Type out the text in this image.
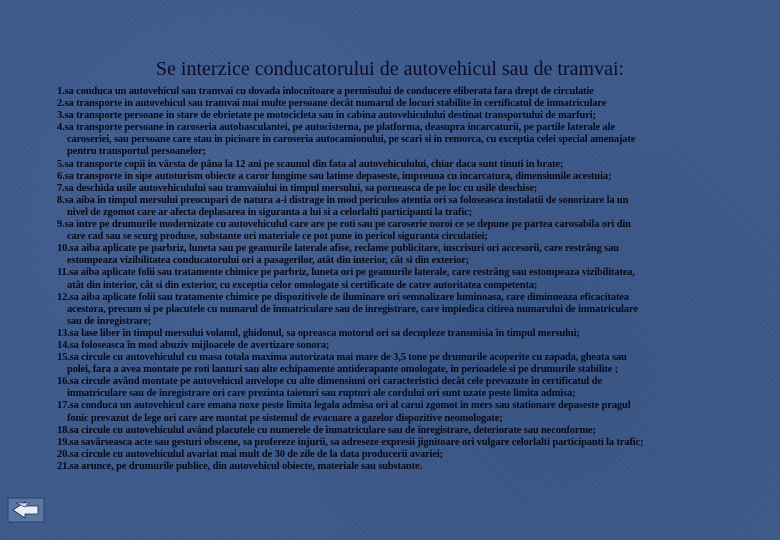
Se interzice conducatorului de autovehicul sau de tramvai:
1.sa conduca un autovehicul sau tramvai cu dovada inlocuitoare a permisului de conducere eliberata fara drept de circulatie
2.sa transporte in autovehicul sau tramvai mai multe persoane decât numarul de locuri stabilite în certificatul de înmatriculare
3.sa transporte persoane in stare de ebrietate pe motocicleta sau in cabina autovehiculului destinat transportului de marfuri;
4.sa transporte persoane in caroseria autobasculantei, pe autocisterna, pe platforma, deasupra incarcaturii, pe partile laterale ale
caroseriei, sau persoane care stau in picioare in caroseria autocamionului, pe scari si in remorca, cu exceptia celei special amenajate
pentru transportul persoanelor;
5.sa transporte copii in vârsta de pâna la 12 ani pe scaunul din fata al autovehiculului, chiar daca sunt tinuti in brate;
6.sa transporte in sipe autoturism obiecte a caror lungime sau latime depaseste, impreuna cu incarcatura, dimensiunile acestuia;
7.sa deschida usile autovehiculului sau tramvaiului in timpul mersului, sa porneasca de pe loc cu usile deschise;
8.sa aiba în timpul mersului preocupari de natura a-i distrage în mod periculos atentia ori sa foloseasca instalatii de sonorizare la un
nivel de zgomot care ar afecta deplasarea in siguranta a lui si a celorlalti participanti la trafic;
9.sa intre pe drumurile modernizate cu autovehiculul care are pe roti sau pe caroserie noroi ce se depune pe partea carosabila ori din
care cad sau se scurg produse, substante ori materiale ce pot pune in pericol siguranta circulatiei;
10.sa aiba aplicate pe parbriz, luneta sau pe geamurile laterale afise, reclame publicitare, inscrisuri ori accesorii, care restrâng sau
estompeaza vizibilitatea conducatorului ori a pasagerilor, atât din interior, cât si din exterior;
11.sa aiba aplicate folii sau tratamente chimice pe parbriz, luneta ori pe geamurile laterale, care restrâng sau estompeaza vizibilitatea,
atât din interior, cât si din exterior, cu exceptia celor omologate si certificate de catre autoritatea competenta;
12.sa aiba aplicate folii sau tratamente chimice pe dispozitivele de iluminare ori semnalizare luminoasa, care diminueaza eficacitatea
acestora, precum si pe placutele cu numarul de înmatriculare sau de inregistrare, care impiedica citirea numarului de inmatriculare
sau de inregistrare;
13.sa lase liber în timpul mersului volanul, ghidonul, sa opreasca motorul ori sa decupleze transmisia în timpul mersului;
14.sa foloseasca în mod abuziv mijloacele de avertizare sonora;
15.sa circule cu autovehiculul cu masa totala maxima autorizata mai mare de 3,5 tone pe drumurile acoperite cu zapada, gheata sau
polei, fara a avea montate pe roti lanturi sau alte echipamente antiderapante omologate, în perioadele si pe drumurile stabilite ;
16.sa circule având montate pe autovehicul anvelope cu alte dimensiuni ori caracteristici decât cele prevazute în certificatul de
inmatriculare sau de inregistrare ori care prezinta taieturi sau rupturi ale cordului ori sunt uzate peste limita admisa;
17.sa conduca un autovehicul care emana noxe peste limita legala admisa ori al carui zgomot în mers sau stationare depaseste pragul
fonic prevazut de lege ori care are montat pe sistemul de evacuare a gazelor dispozitive neomologate;
18.sa circule cu autovehiculul având placutele cu numerele de înmatriculare sau de înregistrare, deteriorate sau neconforme;
19.sa savârseasca acte sau gesturi obscene, sa profereze injurii, sa adreseze expresii jignitoare ori vulgare celorlalti participanti la trafic;
20.sa circule cu autovehiculul avariat mai mult de 30 de zile de la data producerii avariei;
21.sa arunce, pe drumurile publice, din autovehicul obiecte, materiale sau substante.
